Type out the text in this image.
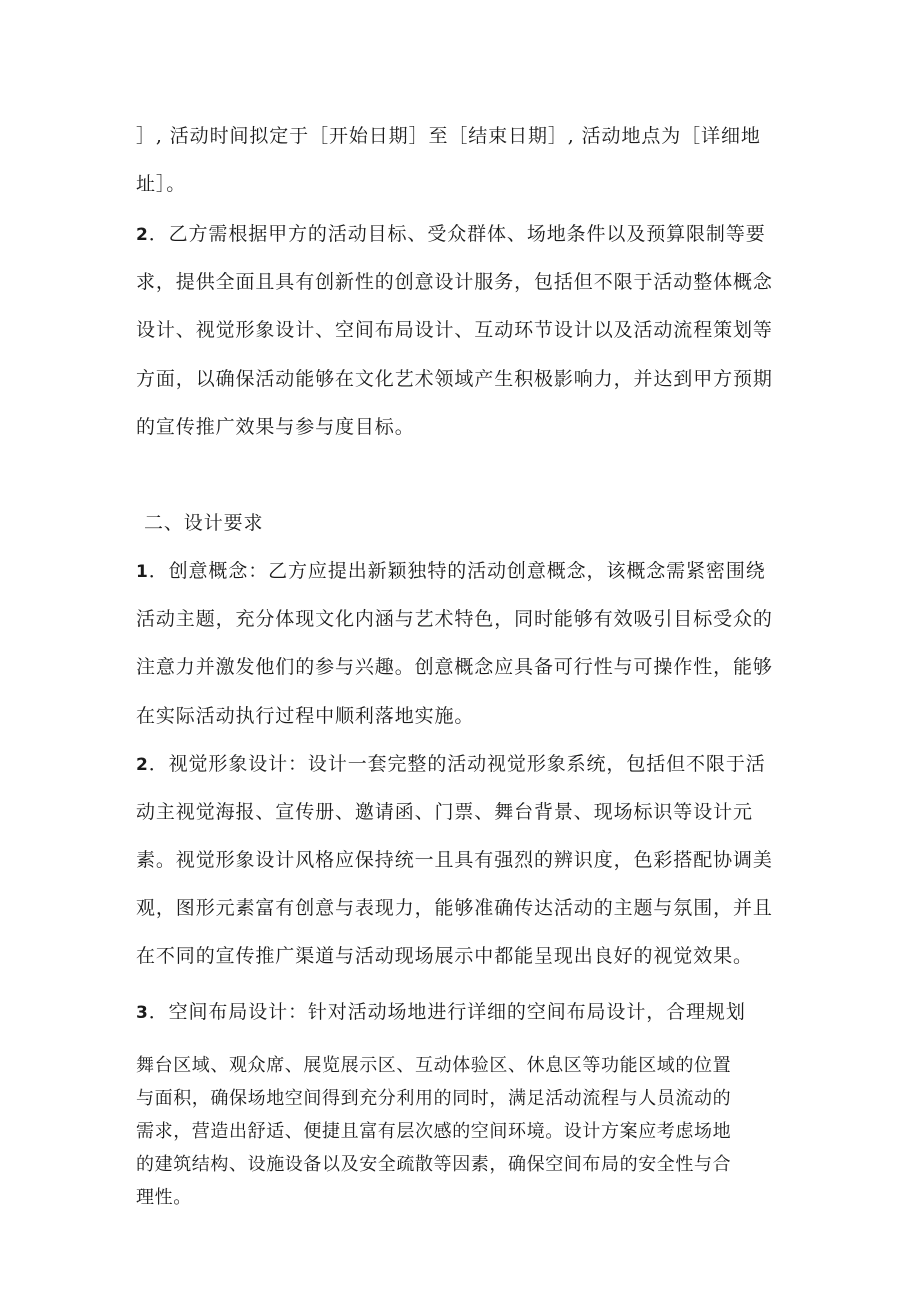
］, 活动时间拟定于［开始日期］至［结束日期］, 活动地点为［详细地
址］。
2．乙方需根据甲方的活动目标、受众群体、场地条件以及预算限制等要
求，提供全面且具有创新性的创意设计服务，包括但不限于活动整体概念
设计、视觉形象设计、空间布局设计、互动环节设计以及活动流程策划等
方面，以确保活动能够在文化艺术领域产生积极影响力，并达到甲方预期
的宣传推广效果与参与度目标。
二、设计要求
1．创意概念：乙方应提出新颖独特的活动创意概念，该概念需紧密围绕
活动主题，充分体现文化内涵与艺术特色，同时能够有效吸引目标受众的
注意力并激发他们的参与兴趣。创意概念应具备可行性与可操作性，能够
在实际活动执行过程中顺利落地实施。
2．视觉形象设计：设计一套完整的活动视觉形象系统，包括但不限于活
动主视觉海报、宣传册、邀请函、门票、舞台背景、现场标识等设计元
素。视觉形象设计风格应保持统一且具有强烈的辨识度，色彩搭配协调美
观，图形元素富有创意与表现力，能够准确传达活动的主题与氛围，并且
在不同的宣传推广渠道与活动现场展示中都能呈现出良好的视觉效果。
3．空间布局设计：针对活动场地进行详细的空间布局设计，合理规划
舞台区域、观众席、展览展示区、互动体验区、休息区等功能区域的位置
与面积，确保场地空间得到充分利用的同时，满足活动流程与人员流动的
需求，营造出舒适、便捷且富有层次感的空间环境。设计方案应考虑场地
的建筑结构、设施设备以及安全疏散等因素，确保空间布局的安全性与合
理性。
